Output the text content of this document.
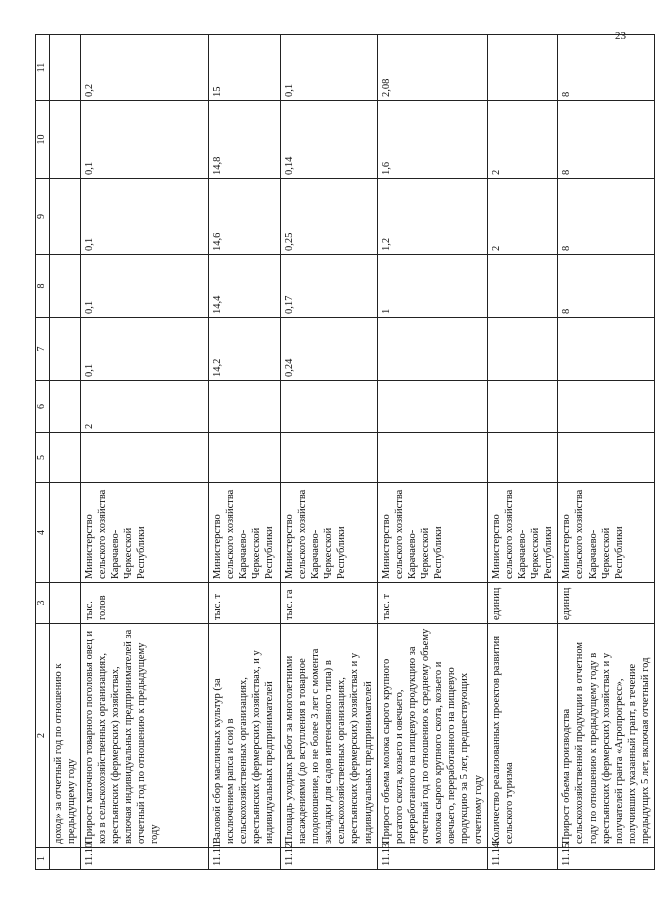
23
1	2	3	4	5	6	7	8	9	10	11
	доход» за отчетный год по отношению к предыдущему году									
11.10	Прирост маточного товарного поголовья овец и коз в сельскохозяйственных организациях, крестьянских (фермерских) хозяйствах, включая индивидуальных предпринимателей за отчетный год по отношению к предыдущему году	тыс. голов	Министерство сельского хозяйства Карачаево-Черкесской Республики		2	0,1	0,1	0,1	0,1	0,2
11.11	Валовой сбор масличных культур (за исключением рапса и сои) в сельскохозяйственных организациях, крестьянских (фермерских) хозяйствах, и у индивидуальных предпринимателей	тыс. т	Министерство сельского хозяйства Карачаево-Черкесской Республики			14,2	14,4	14,6	14,8	15
11.12	Площадь уходных работ за многолетними насаждениями (до вступления в товарное плодоношение, но не более 3 лет с момента закладки для садов интенсивного типа) в сельскохозяйственных организациях, крестьянских (фермерских) хозяйствах и у индивидуальных предпринимателей	тыс. га	Министерство сельского хозяйства Карачаево-Черкесской Республики			0,24	0,17	0,25	0,14	0,1
11.13	Прирост объема молока сырого крупного рогатого скота, козьего и овечьего, переработанного на пищевую продукцию за отчетный год по отношению к среднему объему молока сырого крупного скота, козьего и овечьего, переработанного на пищевую продукцию за 5 лет, предшествующих отчетному году	тыс. т	Министерство сельского хозяйства Карачаево-Черкесской Республики				1	1,2	1,6	2,08
11.14	Количество реализованных проектов развития сельского туризма	единиц	Министерство сельского хозяйства Карачаево-Черкесской Республики					2	2	
11.15	Прирост объема производства сельскохозяйственной продукции в отчетном году по отношению к предыдущему году в крестьянских (фермерских) хозяйствах и у получателей гранта «Агропрогресс», получивших указанный грант, в течение предыдущих 5 лет, включая отчетный год	единиц	Министерство сельского хозяйства Карачаево-Черкесской Республики				8	8	8	8
